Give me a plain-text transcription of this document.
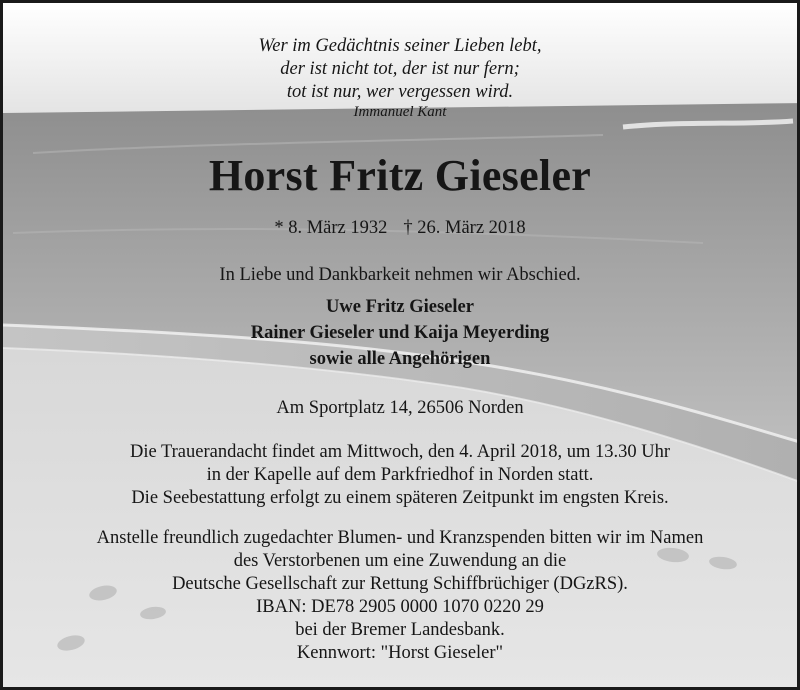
Wer im Gedächtnis seiner Lieben lebt,
der ist nicht tot, der ist nur fern;
tot ist nur, wer vergessen wird.
Immanuel Kant
Horst Fritz Gieseler
* 8. März 1932 † 26. März 2018
In Liebe und Dankbarkeit nehmen wir Abschied.
Uwe Fritz Gieseler
Rainer Gieseler und Kaija Meyerding
sowie alle Angehörigen
Am Sportplatz 14, 26506 Norden
Die Trauerandacht findet am Mittwoch, den 4. April 2018, um 13.30 Uhr
in der Kapelle auf dem Parkfriedhof in Norden statt.
Die Seebestattung erfolgt zu einem späteren Zeitpunkt im engsten Kreis.
Anstelle freundlich zugedachter Blumen- und Kranzspenden bitten wir im Namen
des Verstorbenen um eine Zuwendung an die
Deutsche Gesellschaft zur Rettung Schiffbrüchiger (DGzRS).
IBAN: DE78 2905 0000 1070 0220 29
bei der Bremer Landesbank.
Kennwort: "Horst Gieseler"
